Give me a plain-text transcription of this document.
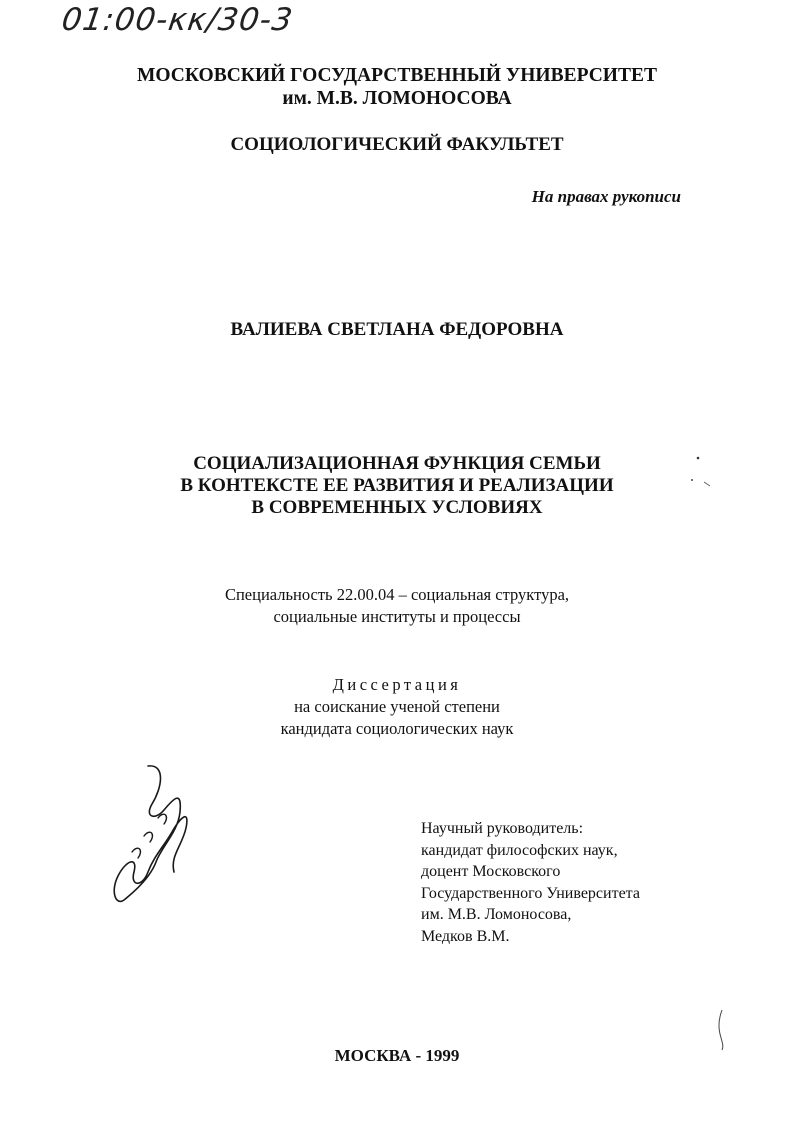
01:00-κκ/30-3
МОСКОВСКИЙ ГОСУДАРСТВЕННЫЙ УНИВЕРСИТЕТ
им. М.В. ЛОМОНОСОВА
СОЦИОЛОГИЧЕСКИЙ ФАКУЛЬТЕТ
На правах рукописи
ВАЛИЕВА СВЕТЛАНА ФЕДОРОВНА
СОЦИАЛИЗАЦИОННАЯ ФУНКЦИЯ СЕМЬИ
В КОНТЕКСТЕ ЕЕ РАЗВИТИЯ И РЕАЛИЗАЦИИ
В СОВРЕМЕННЫХ УСЛОВИЯХ
Специальность 22.00.04 – социальная структура,
социальные институты и процессы
Диссертация
на соискание ученой степени
кандидата социологических наук
Научный руководитель:
кандидат философских наук,
доцент Московского
Государственного Университета
им. М.В. Ломоносова,
Медков В.М.
МОСКВА - 1999
